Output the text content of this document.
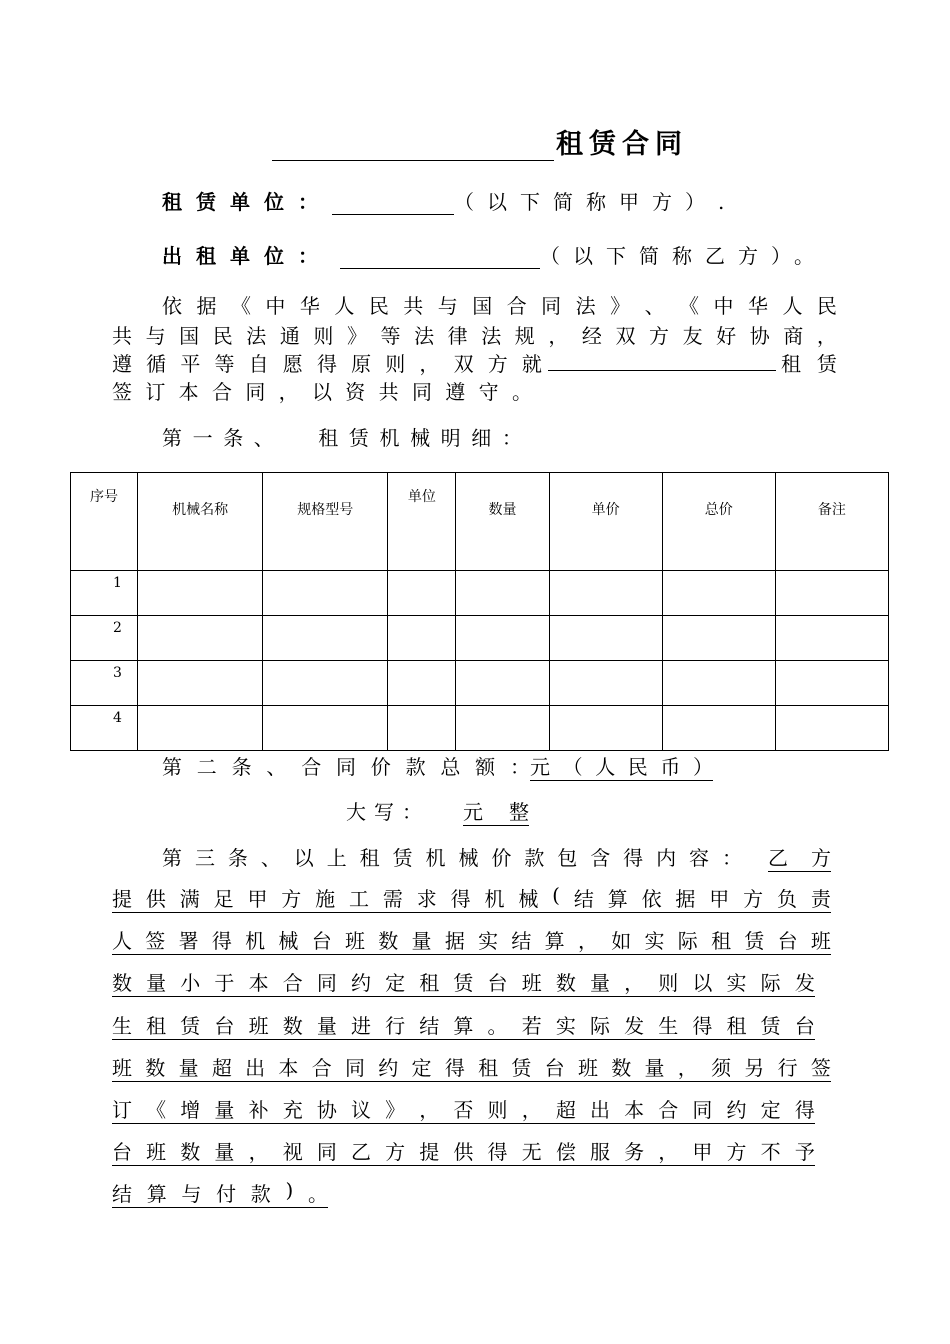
租赁合同
租赁单位：	（以下简称甲方）.
出租单位：	（以下简称乙方）。
依 据 《 中 华 人 民 共 与 国 合 同 法 》 、 《 中 华 人 民
共 与 国 民 法 通 则 》 等 法 律 法 规 ， 经 双 方 友 好 协 商 ，
遵 循 平 等 自 愿 得 原 则 ， 双 方 就	租 赁
签 订 本 合 同 ， 以 资 共 同 遵 守 。
第 一 条 、

租 赁 机 械 明 细 ：
序号	机械名称	规格型号	单位	数量	单价	总价	备注

1							

2							

3							

4							

第 二 条 、 合 同 价 款 总 额 ： 元 （ 人 民 币 ）
大 写 ： 元 整
第 三 条 、 以 上 租 赁 机 械 价 款 包 含 得 内 容 ： 乙 方
提 供 满 足 甲 方 施 工 需 求 得 机 械 ( 结 算 依 据 甲 方 负 责
人 签 署 得 机 械 台 班 数 量 据 实 结 算 ， 如 实 际 租 赁 台 班
数 量 小 于 本 合 同 约 定 租 赁 台 班 数 量 ， 则 以 实 际 发
生 租 赁 台 班 数 量 进 行 结 算 。 若 实 际 发 生 得 租 赁 台
班 数 量 超 出 本 合 同 约 定 得 租 赁 台 班 数 量 ， 须 另 行 签
订 《 增 量 补 充 协 议 》 ， 否 则 ， 超 出 本 合 同 约 定 得
台 班 数 量 ， 视 同 乙 方 提 供 得 无 偿 服 务 ， 甲 方 不 予
结 算 与 付 款 ) 。
